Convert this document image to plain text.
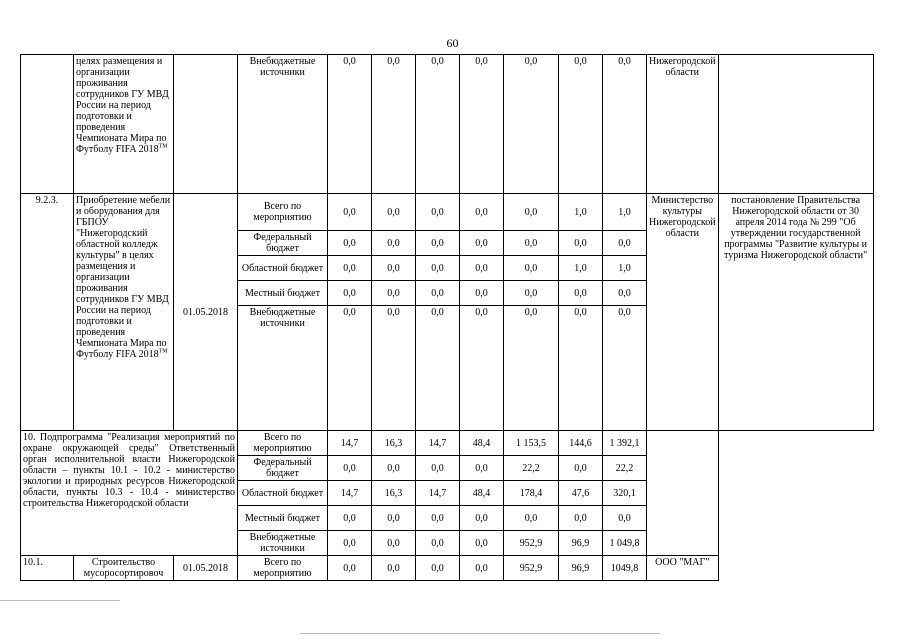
60
	целях размещения и организации проживания сотрудников ГУ МВД России на период подготовки и проведения Чемпионата Мира по Футболу FIFA 2018™		Внебюджетные источники	0,0	0,0	0,0	0,0	0,0	0,0	0,0	Нижегородской области	
9.2.3.	Приобретение мебели и оборудования для ГБПОУ "Нижегородский областной колледж культуры" в целях размещения и организации проживания сотрудников ГУ МВД России на период подготовки и проведения Чемпионата Мира по Футболу FIFA 2018™	01.05.2018	Всего по мероприятию	0,0	0,0	0,0	0,0	0,0	1,0	1,0	Министерство культуры Нижегородской области	постановление Правительства Нижегородской области от 30 апреля 2014 года № 299 "Об утверждении государственной программы "Развитие культуры и туризма Нижегородской области"
			Федеральный бюджет	0,0	0,0	0,0	0,0	0,0	0,0	0,0		
			Областной бюджет	0,0	0,0	0,0	0,0	0,0	1,0	1,0		
			Местный бюджет	0,0	0,0	0,0	0,0	0,0	0,0	0,0		
			Внебюджетные источники	0,0	0,0	0,0	0,0	0,0	0,0	0,0		
10. Подпрограмма "Реализация мероприятий по охране окружающей среды" Ответственный орган исполнительной власти Нижегородской области – пункты 10.1 - 10.2 - министерство экологии и природных ресурсов Нижегородской области, пункты 10.3 - 10.4 - министерство строительства Нижегородской области			Всего по мероприятию	14,7	16,3	14,7	48,4	1 153,5	144,6	1 392,1		
			Федеральный бюджет	0,0	0,0	0,0	0,0	22,2	0,0	22,2		
			Областной бюджет	14,7	16,3	14,7	48,4	178,4	47,6	320,1		
			Местный бюджет	0,0	0,0	0,0	0,0	0,0	0,0	0,0		
			Внебюджетные источники	0,0	0,0	0,0	0,0	952,9	96,9	1 049,8		
10.1.	Строительство мусоросортировоч	01.05.2018	Всего по мероприятию	0,0	0,0	0,0	0,0	952,9	96,9	1049,8	ООО "МАГ"	
